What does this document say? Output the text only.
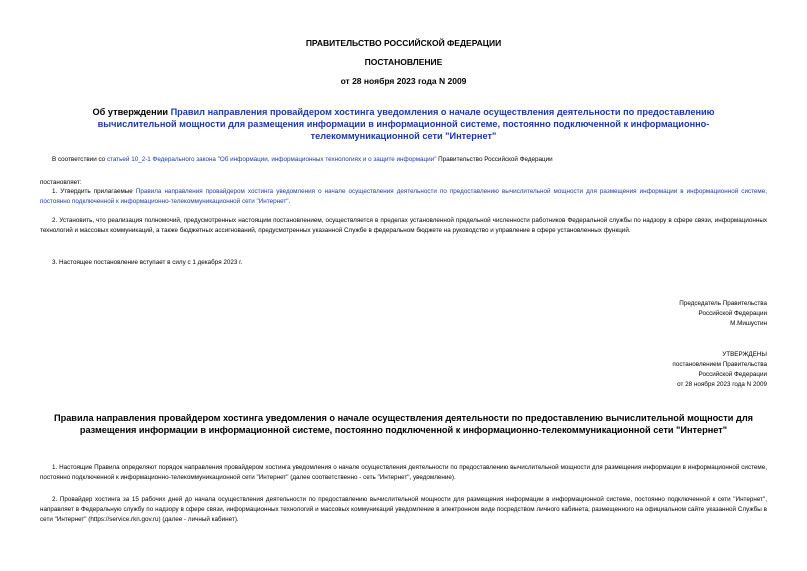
ПРАВИТЕЛЬСТВО РОССИЙСКОЙ ФЕДЕРАЦИИ
ПОСТАНОВЛЕНИЕ
от 28 ноября 2023 года N 2009
Об утверждении Правил направления провайдером хостинга уведомления о начале осуществления деятельности по предоставлению вычислительной мощности для размещения информации в информационной системе, постоянно подключенной к информационно-телекоммуникационной сети "Интернет"
В соответствии со статьей 10_2-1 Федерального закона "Об информации, информационных технологиях и о защите информации" Правительство Российской Федерации
постановляет:
1. Утвердить прилагаемые Правила направления провайдером хостинга уведомления о начале осуществления деятельности по предоставлению вычислительной мощности для размещения информации в информационной системе, постоянно подключенной к информационно-телекоммуникационной сети "Интернет".
2. Установить, что реализация полномочий, предусмотренных настоящим постановлением, осуществляется в пределах установленной предельной численности работников Федеральной службы по надзору в сфере связи, информационных технологий и массовых коммуникаций, а также бюджетных ассигнований, предусмотренных указанной Службе в федеральном бюджете на руководство и управление в сфере установленных функций.
3. Настоящее постановление вступает в силу с 1 декабря 2023 г.
Председатель Правительства
Российской Федерации
М.Мишустин
УТВЕРЖДЕНЫ
постановлением Правительства
Российской Федерации
от 28 ноября 2023 года N 2009
Правила направления провайдером хостинга уведомления о начале осуществления деятельности по предоставлению вычислительной мощности для размещения информации в информационной системе, постоянно подключенной к информационно-телекоммуникационной сети "Интернет"
1. Настоящие Правила определяют порядок направления провайдером хостинга уведомления о начале осуществления деятельности по предоставлению вычислительной мощности для размещения информации в информационной системе, постоянно подключенной к информационно-телекоммуникационной сети "Интернет" (далее соответственно - сеть "Интернет", уведомление).
2. Провайдер хостинга за 15 рабочих дней до начала осуществления деятельности по предоставлению вычислительной мощности для размещения информации в информационной системе, постоянно подключенной к сети "Интернет", направляет в Федеральную службу по надзору в сфере связи, информационных технологий и массовых коммуникаций уведомление в электронном виде посредством личного кабинета, размещенного на официальном сайте указанной Службы в сети "Интернет" (https://service.rkn.gov.ru) (далее - личный кабинет).
